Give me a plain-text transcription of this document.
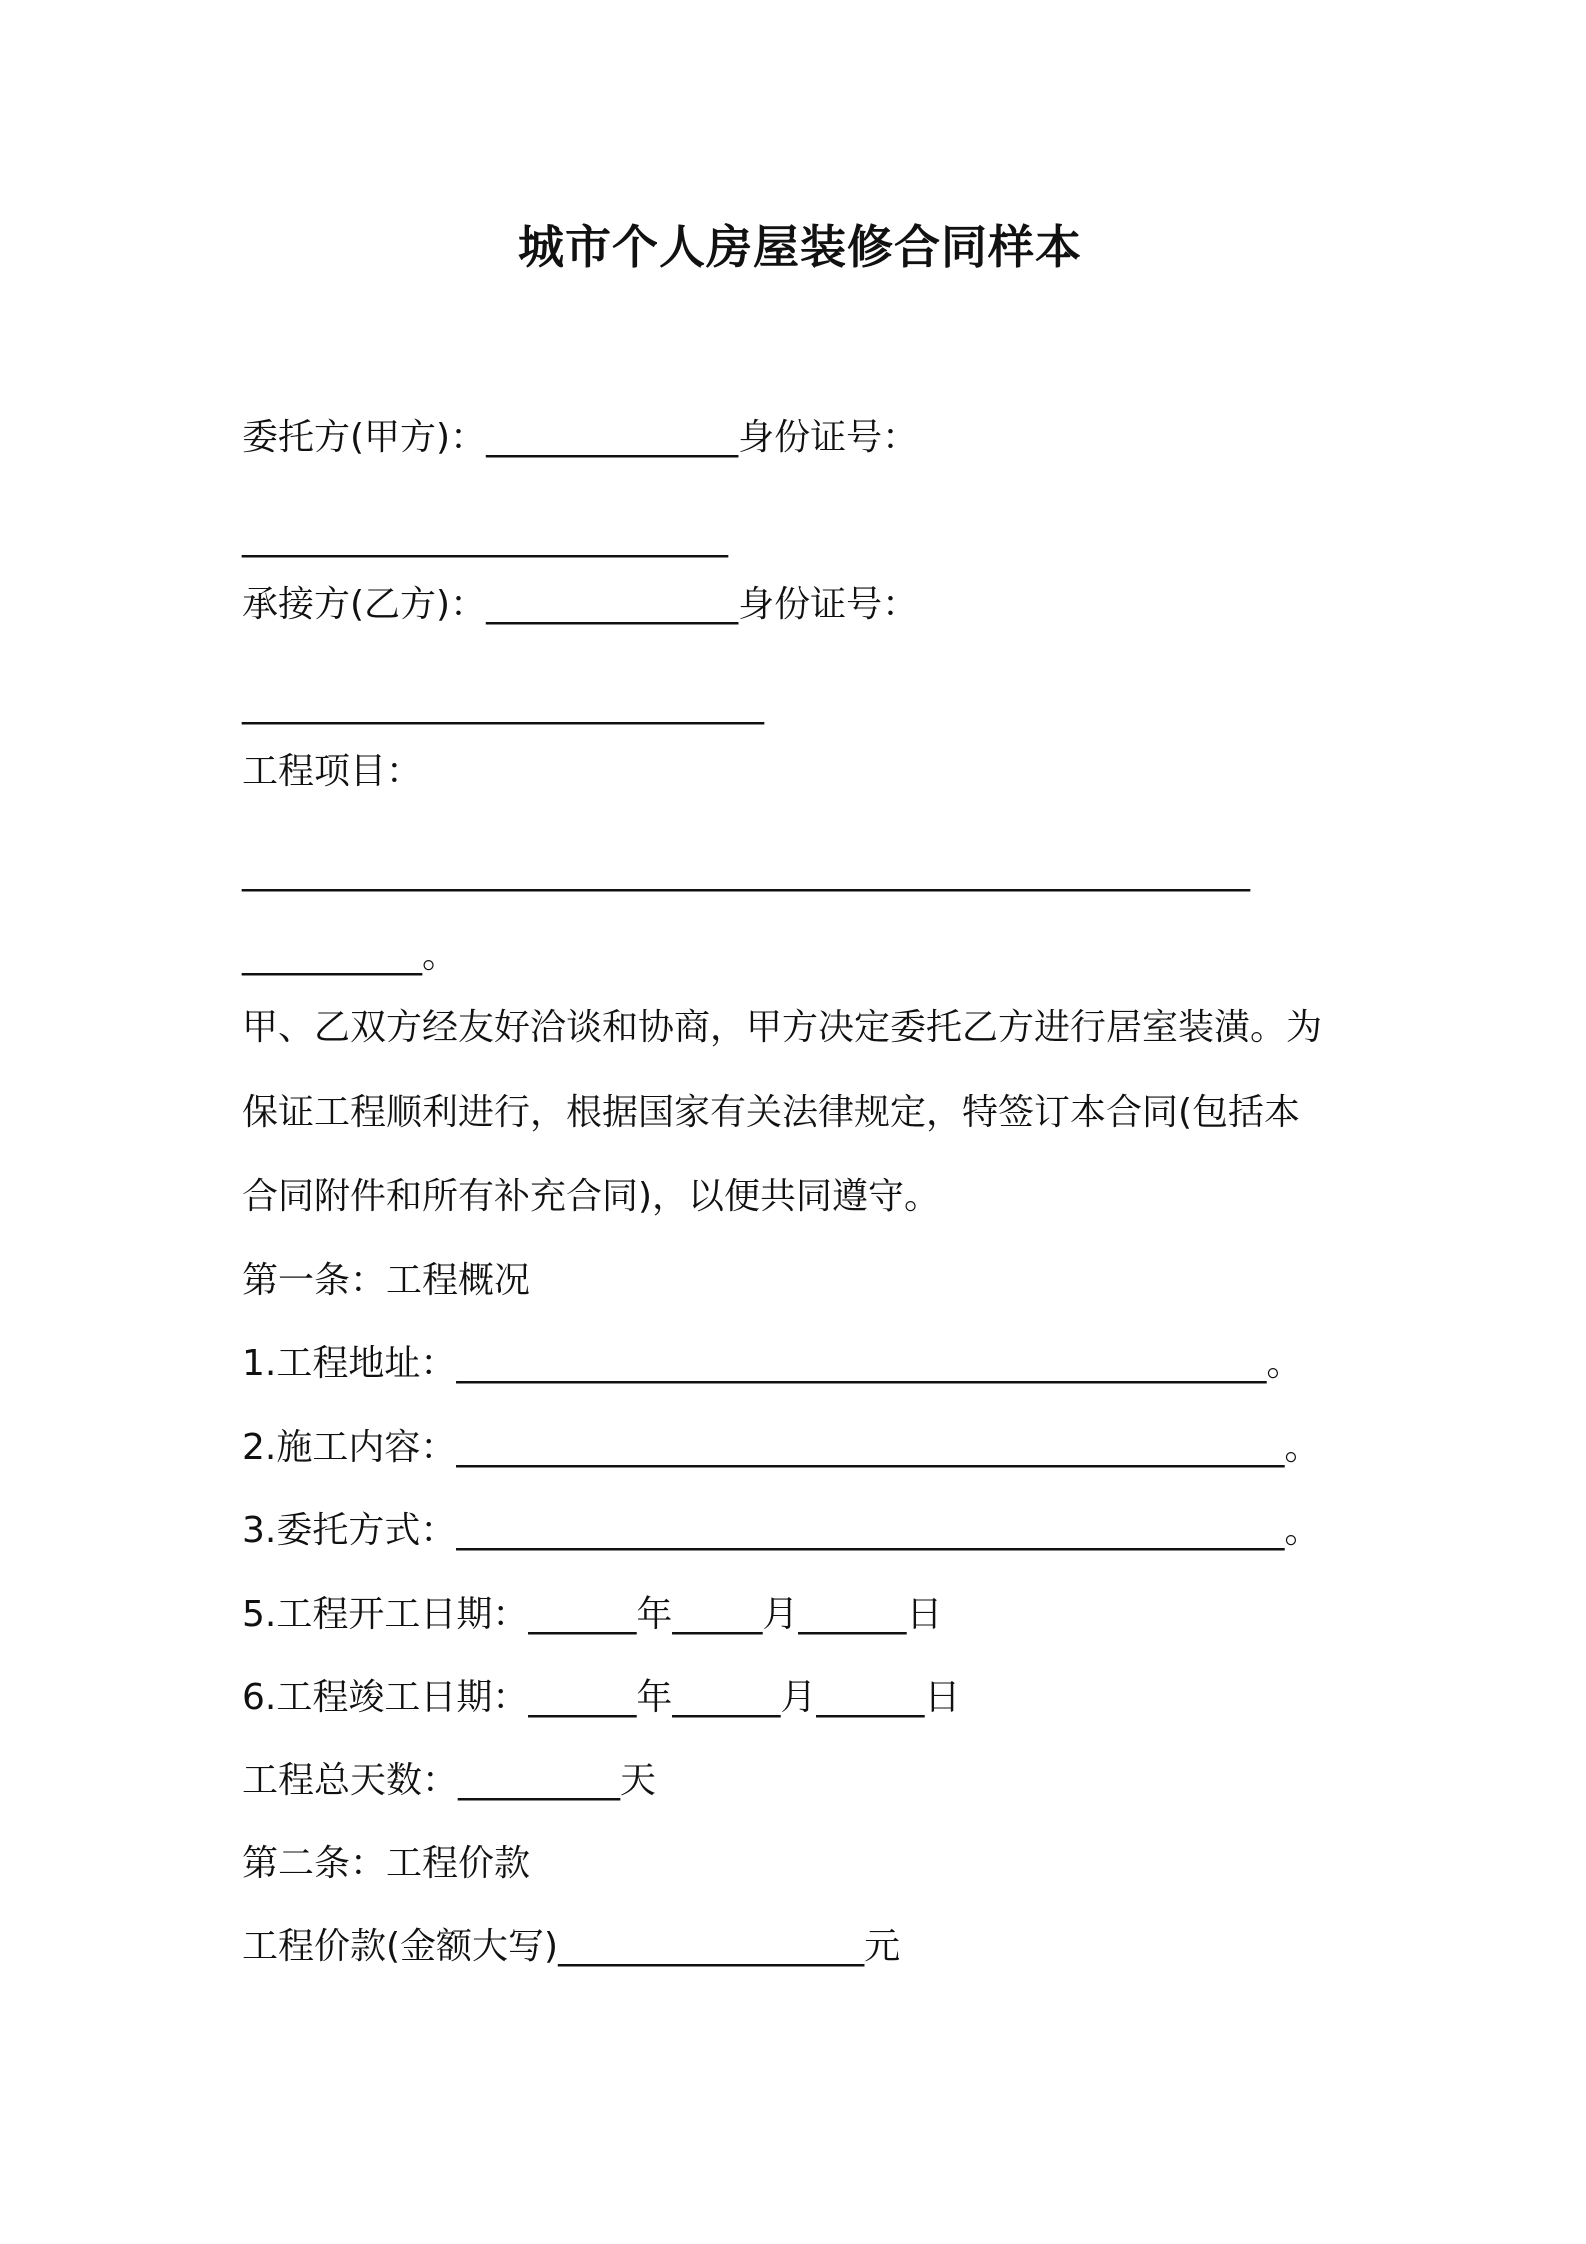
城市个人房屋装修合同样本

委托方(甲方)：______________身份证号：

___________________________

承接方(乙方)：______________身份证号：

_____________________________

工程项目：

________________________________________________________

__________。

甲、乙双方经友好洽谈和协商，甲方决定委托乙方进行居室装潢。为

保证工程顺利进行，根据国家有关法律规定，特签订本合同(包括本

合同附件和所有补充合同)，以便共同遵守。

第一条：工程概况

1.工程地址：_____________________________________________。

2.施工内容：______________________________________________。

3.委托方式：______________________________________________。

5.工程开工日期：______年_____月______日

6.工程竣工日期：______年______月______日

工程总天数：_________天

第二条：工程价款

工程价款(金额大写)_________________元
